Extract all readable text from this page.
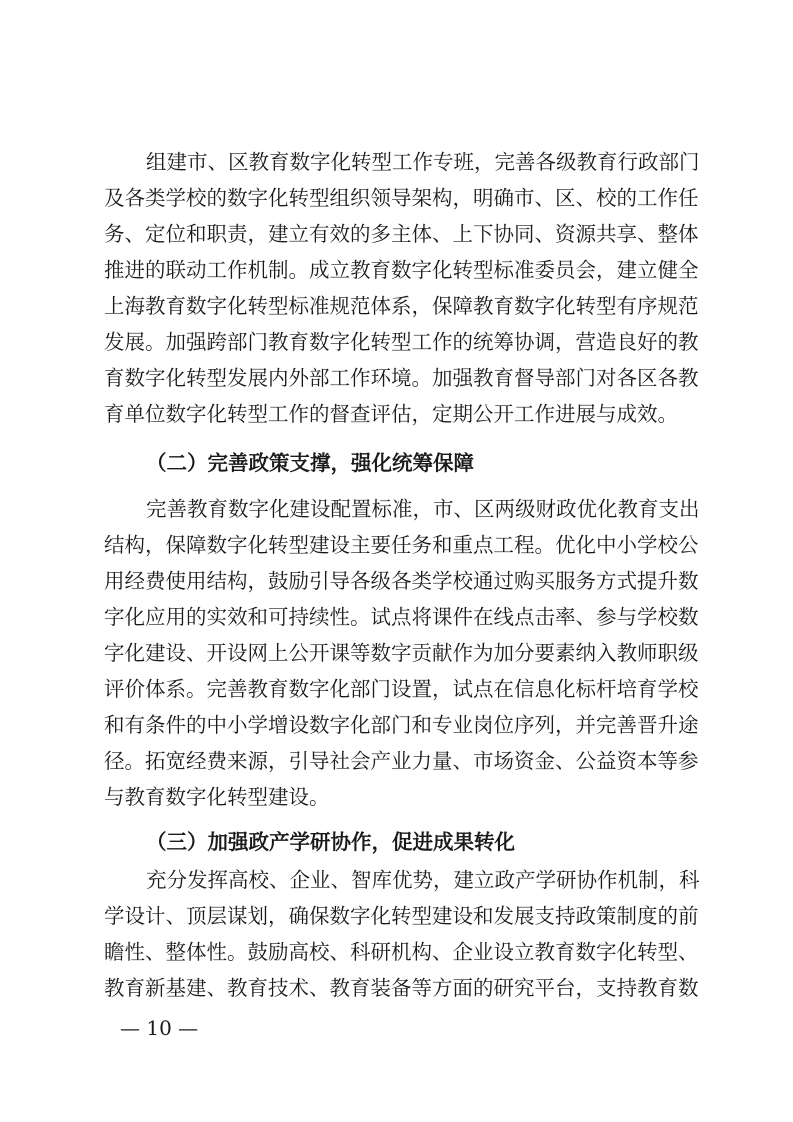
组建市、区教育数字化转型工作专班，完善各级教育行政部门
及各类学校的数字化转型组织领导架构，明确市、区、校的工作任
务、定位和职责，建立有效的多主体、上下协同、资源共享、整体
推进的联动工作机制。成立教育数字化转型标准委员会，建立健全
上海教育数字化转型标准规范体系，保障教育数字化转型有序规范
发展。加强跨部门教育数字化转型工作的统筹协调，营造良好的教
育数字化转型发展内外部工作环境。加强教育督导部门对各区各教
育单位数字化转型工作的督查评估，定期公开工作进展与成效。
（二）完善政策支撑，强化统筹保障
完善教育数字化建设配置标准，市、区两级财政优化教育支出
结构，保障数字化转型建设主要任务和重点工程。优化中小学校公
用经费使用结构，鼓励引导各级各类学校通过购买服务方式提升数
字化应用的实效和可持续性。试点将课件在线点击率、参与学校数
字化建设、开设网上公开课等数字贡献作为加分要素纳入教师职级
评价体系。完善教育数字化部门设置，试点在信息化标杆培育学校
和有条件的中小学增设数字化部门和专业岗位序列，并完善晋升途
径。拓宽经费来源，引导社会产业力量、市场资金、公益资本等参
与教育数字化转型建设。
（三）加强政产学研协作，促进成果转化
充分发挥高校、企业、智库优势，建立政产学研协作机制，科
学设计、顶层谋划，确保数字化转型建设和发展支持政策制度的前
瞻性、整体性。鼓励高校、科研机构、企业设立教育数字化转型、
教育新基建、教育技术、教育装备等方面的研究平台，支持教育数
— 10 —
